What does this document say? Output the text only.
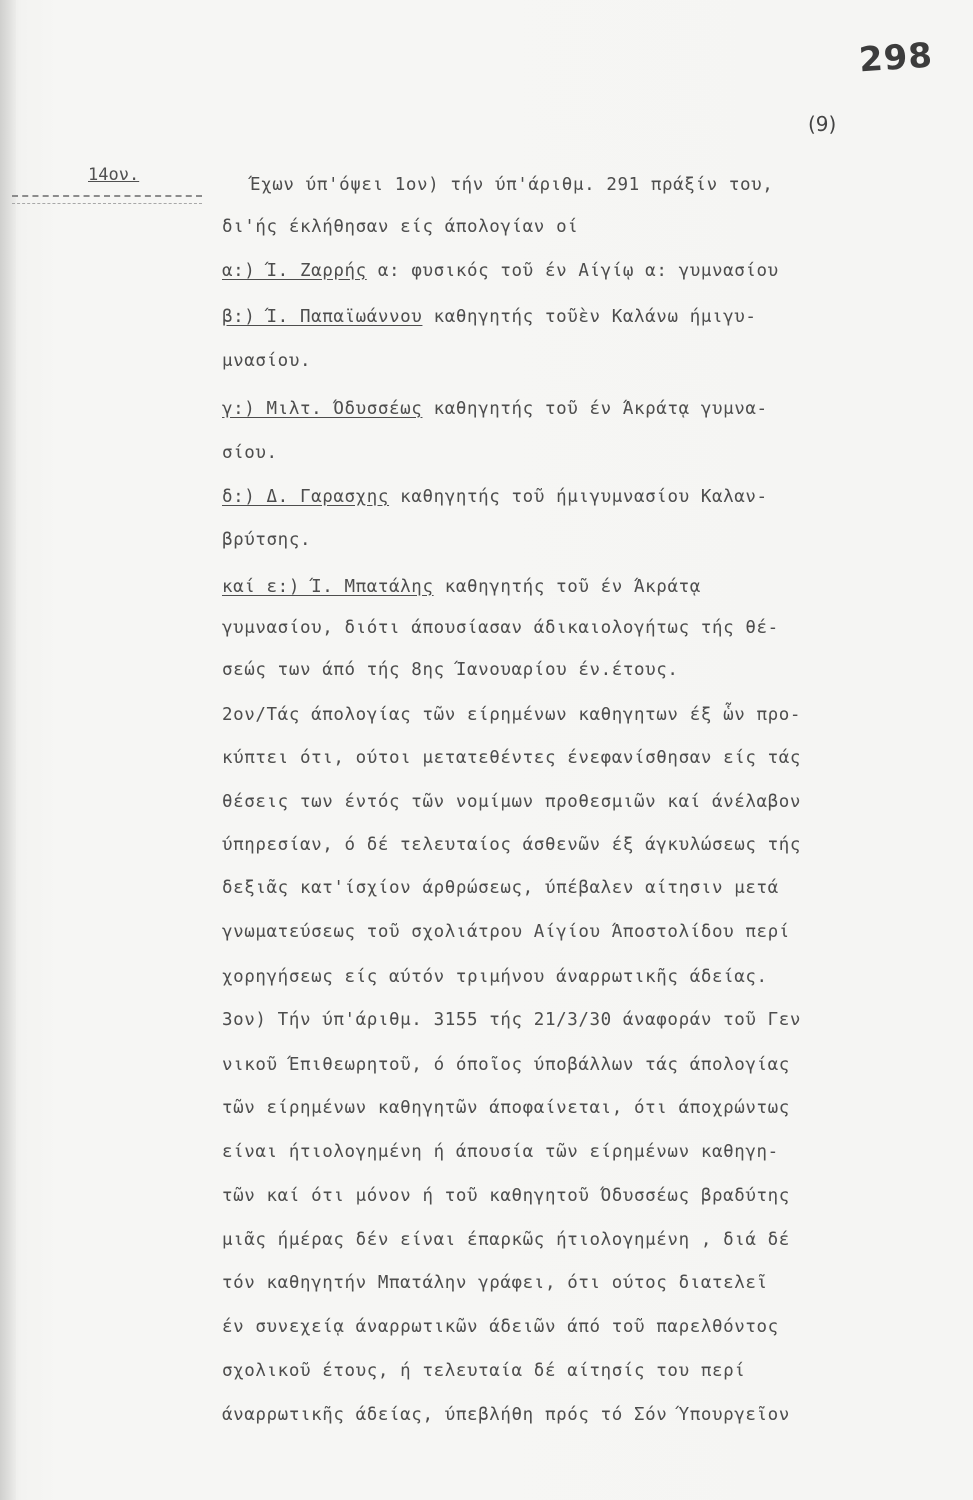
298
(9)
14ον.	Έχων ύπ'όψει 1ον) τήν ύπ'άριθμ. 291 πράξίν του,
δι'ής έκλήθησαν είς άπολογίαν οί
α:) Ί. Ζαρρής α: φυσικός τοῦ έν Αίγίῳ α: γυμνασίου
β:) Ί. Παπαϊωάννου καθηγητής τοῦὲν Καλάνω ήμιγυ-
μνασίου.
γ:) Μιλτ. Όδυσσέως καθηγητής τοῦ έν Άκράτᾳ γυμνα-
σίου.
δ:) Δ. Γαρασχης καθηγητής τοῦ ήμιγυμνασίου Καλαν-
βρύτσης.
καί ε:) Ί. Μπατάλης καθηγητής τοῦ έν Άκράτᾳ
γυμνασίου, διότι άπουσίασαν άδικαιολογήτως τής θέ-
σεώς των άπό τής 8ης Ίανουαρίου έν.έτους.
2ον/Τάς άπολογίας τῶν είρημένων καθηγητων έξ ὧν προ-
κύπτει ότι, ούτοι μετατεθέντες ένεφανίσθησαν είς τάς
θέσεις των έντός τῶν νομίμων προθεσμιῶν καί άνέλαβον
ύπηρεσίαν, ό δέ τελευταίος άσθενῶν έξ άγκυλώσεως τής
δεξιᾶς κατ'ίσχίον άρθρώσεως, ύπέβαλεν αίτησιν μετά
γνωματεύσεως τοῦ σχολιάτρου Αίγίου Άποστολίδου περί
χορηγήσεως είς αύτόν τριμήνου άναρρωτικῆς άδείας.
3ον) Τήν ύπ'άριθμ. 3155 τής 21/3/30 άναφοράν τοῦ Γεν
νικοῦ Έπιθεωρητοῦ, ό όποῖος ύποβάλλων τάς άπολογίας
τῶν είρημένων καθηγητῶν άποφαίνεται, ότι άποχρώντως
είναι ήτιολογημένη ή άπουσία τῶν είρημένων καθηγη-
τῶν καί ότι μόνον ή τοῦ καθηγητοῦ Όδυσσέως βραδύτης
μιᾶς ήμέρας δέν είναι έπαρκῶς ήτιολογημένη , διά δέ
τόν καθηγητήν Μπατάλην γράφει, ότι ούτος διατελεῖ
έν συνεχείᾳ άναρρωτικῶν άδειῶν άπό τοῦ παρελθόντος
σχολικοῦ έτους, ή τελευταία δέ αίτησίς του περί
άναρρωτικῆς άδείας, ύπεβλήθη πρός τό Σόν Ύπουργεῖον
